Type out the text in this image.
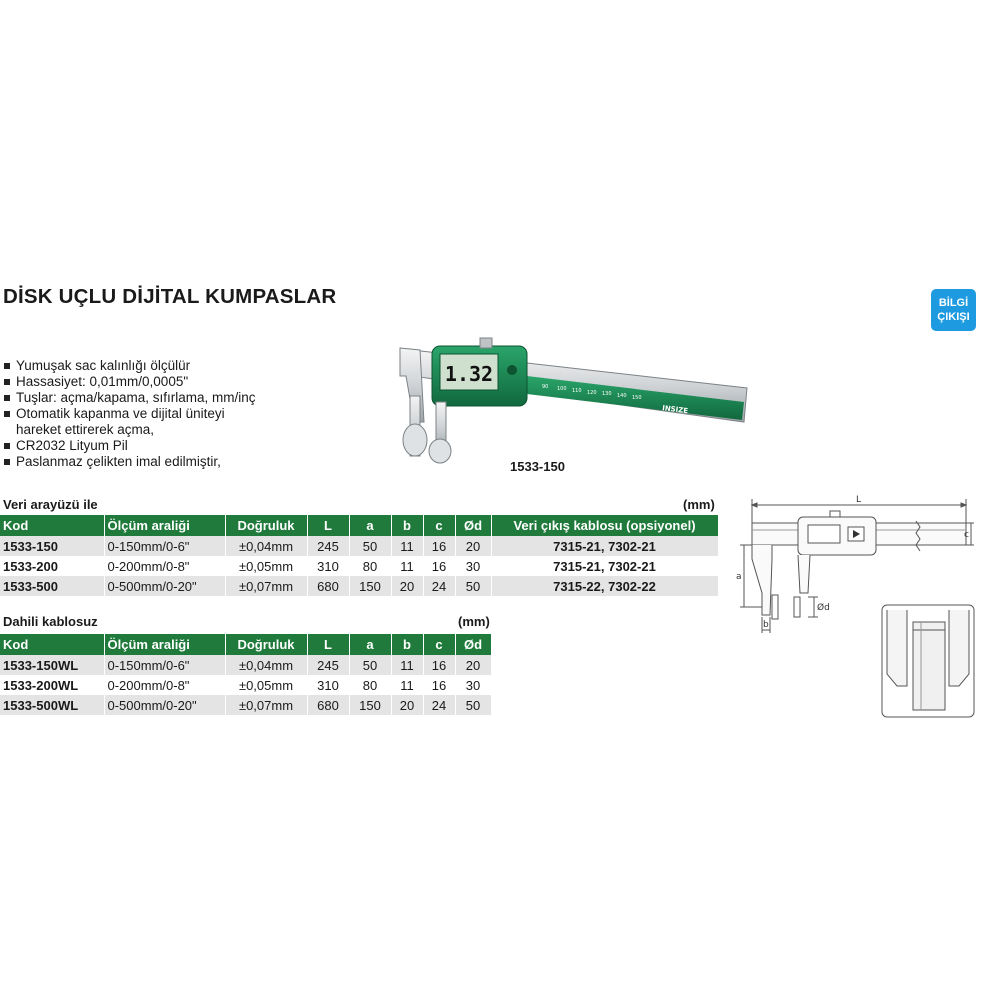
DİSK UÇLU DİJİTAL KUMPASLAR	BİLGİ
ÇIKIŞI
Yumuşak sac kalınlığı ölçülür
Hassasiyet: 0,01mm/0,0005"
Tuşlar: açma/kapama, sıfırlama, mm/inç
Otomatik kapanma ve dijital üniteyi hareket ettirerek açma,
CR2032 Lityum Pil
Paslanmaz çelikten imal edilmiştir,
1.32
90 100 110 120 130 140 150
INSIZE
1533-150
Veri arayüzü ile	(mm)
Kod	Ölçüm araliği	Doğruluk	L	a	b	c	Ød	Veri çıkış kablosu (opsiyonel)
1533-150	0-150mm/0-6"	±0,04mm	245	50	11	16	20	7315-21, 7302-21
1533-200	0-200mm/0-8"	±0,05mm	310	80	11	16	30	7315-21, 7302-21
1533-500	0-500mm/0-20"	±0,07mm	680	150	20	24	50	7315-22, 7302-22
Dahili kablosuz	(mm)
Kod	Ölçüm araliği	Doğruluk	L	a	b	c	Ød
1533-150WL	0-150mm/0-6"	±0,04mm	245	50	11	16	20
1533-200WL	0-200mm/0-8"	±0,05mm	310	80	11	16	30
1533-500WL	0-500mm/0-20"	±0,07mm	680	150	20	24	50
L
c
a
b
Ød
